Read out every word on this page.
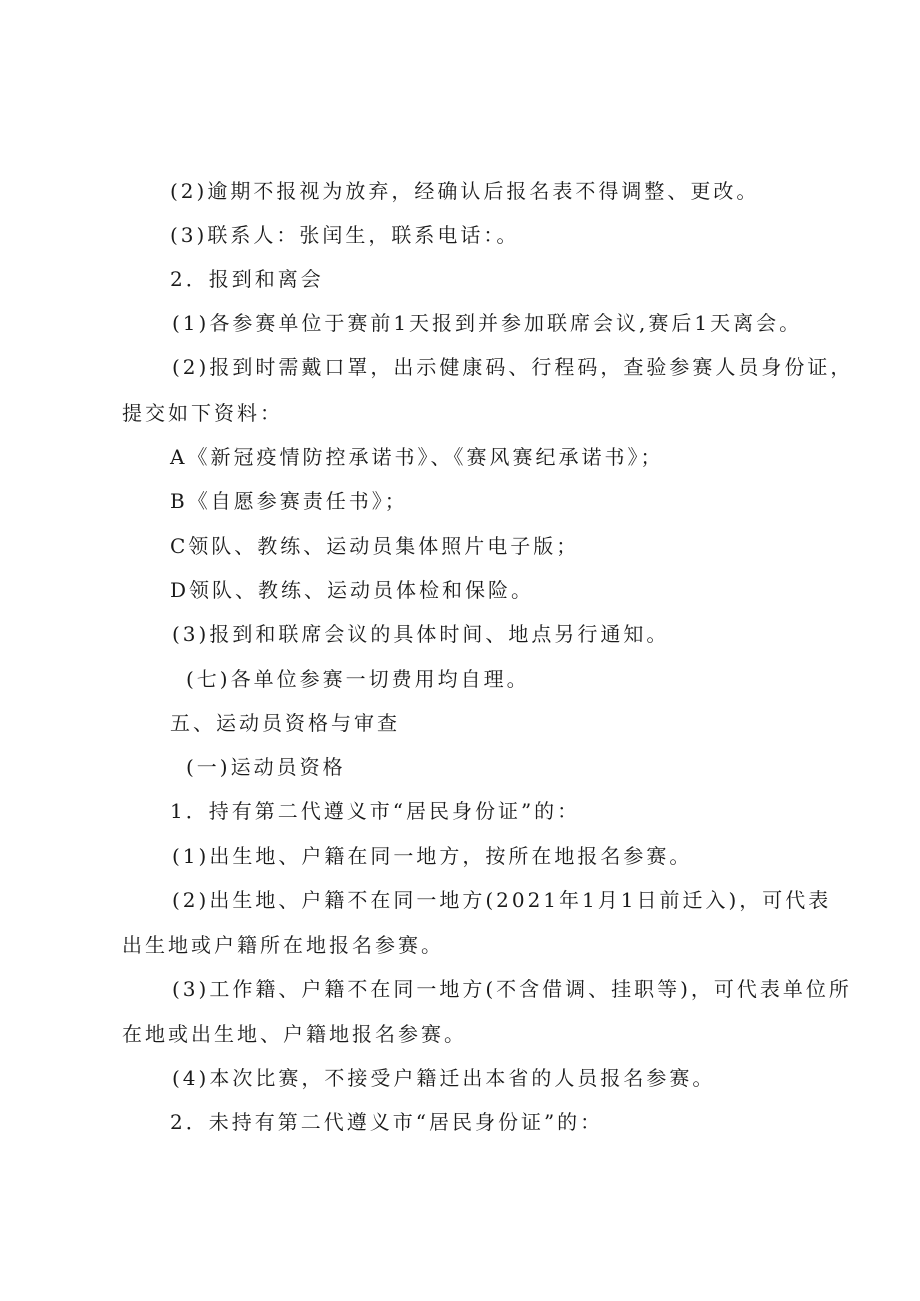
(2)逾期不报视为放弃，经确认后报名表不得调整、更改。
(3)联系人：张闰生，联系电话：。
2．报到和离会
(1)各参赛单位于赛前1天报到并参加联席会议,赛后1天离会。
(2)报到时需戴口罩，出示健康码、行程码，查验参赛人员身份证，
提交如下资料：
A《新冠疫情防控承诺书》、《赛风赛纪承诺书》；
B《自愿参赛责任书》；
C领队、教练、运动员集体照片电子版；
D领队、教练、运动员体检和保险。
(3)报到和联席会议的具体时间、地点另行通知。
(七)各单位参赛一切费用均自理。
五、运动员资格与审查
(一)运动员资格
1．持有第二代遵义市“居民身份证”的：
(1)出生地、户籍在同一地方，按所在地报名参赛。
(2)出生地、户籍不在同一地方(2021年1月1日前迁入)，可代表
出生地或户籍所在地报名参赛。
(3)工作籍、户籍不在同一地方(不含借调、挂职等)，可代表单位所
在地或出生地、户籍地报名参赛。
(4)本次比赛，不接受户籍迁出本省的人员报名参赛。
2．未持有第二代遵义市“居民身份证”的：
